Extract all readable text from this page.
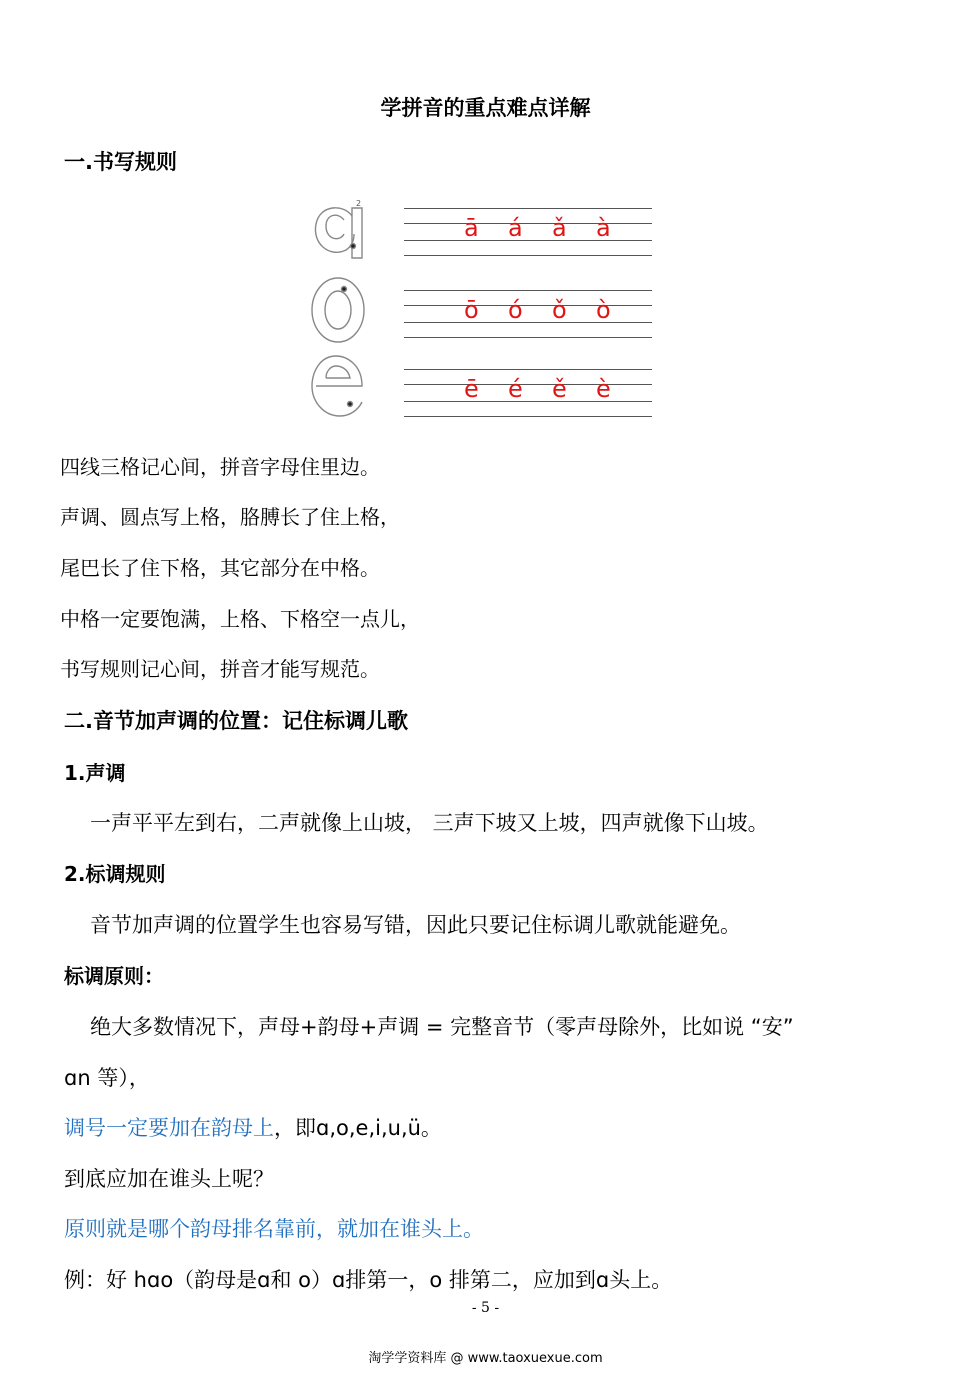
学拼音的重点难点详解
一.书写规则
2
ā á ǎ à
ō ó ǒ ò
ē é ě è
四线三格记心间，拼音字母住里边。
声调、圆点写上格，胳膊长了住上格，
尾巴长了住下格，其它部分在中格。
中格一定要饱满，上格、下格空一点儿，
书写规则记心间，拼音才能写规范。
二.音节加声调的位置：记住标调儿歌
1.声调
一声平平左到右，二声就像上山坡， 三声下坡又上坡，四声就像下山坡。
2.标调规则
音节加声调的位置学生也容易写错，因此只要记住标调儿歌就能避免。
标调原则：
绝大多数情况下，声母+韵母+声调 = 完整音节（零声母除外，比如说 “安”
ɑn 等），
调号一定要加在韵母上，即ɑ,o,e,i,u,ü。
到底应加在谁头上呢？
原则就是哪个韵母排名靠前，就加在谁头上。
例：好 hɑo（韵母是ɑ和 o）ɑ排第一，o 排第二，应加到ɑ头上。
- 5 -
淘学学资料库 @ www.taoxuexue.com
